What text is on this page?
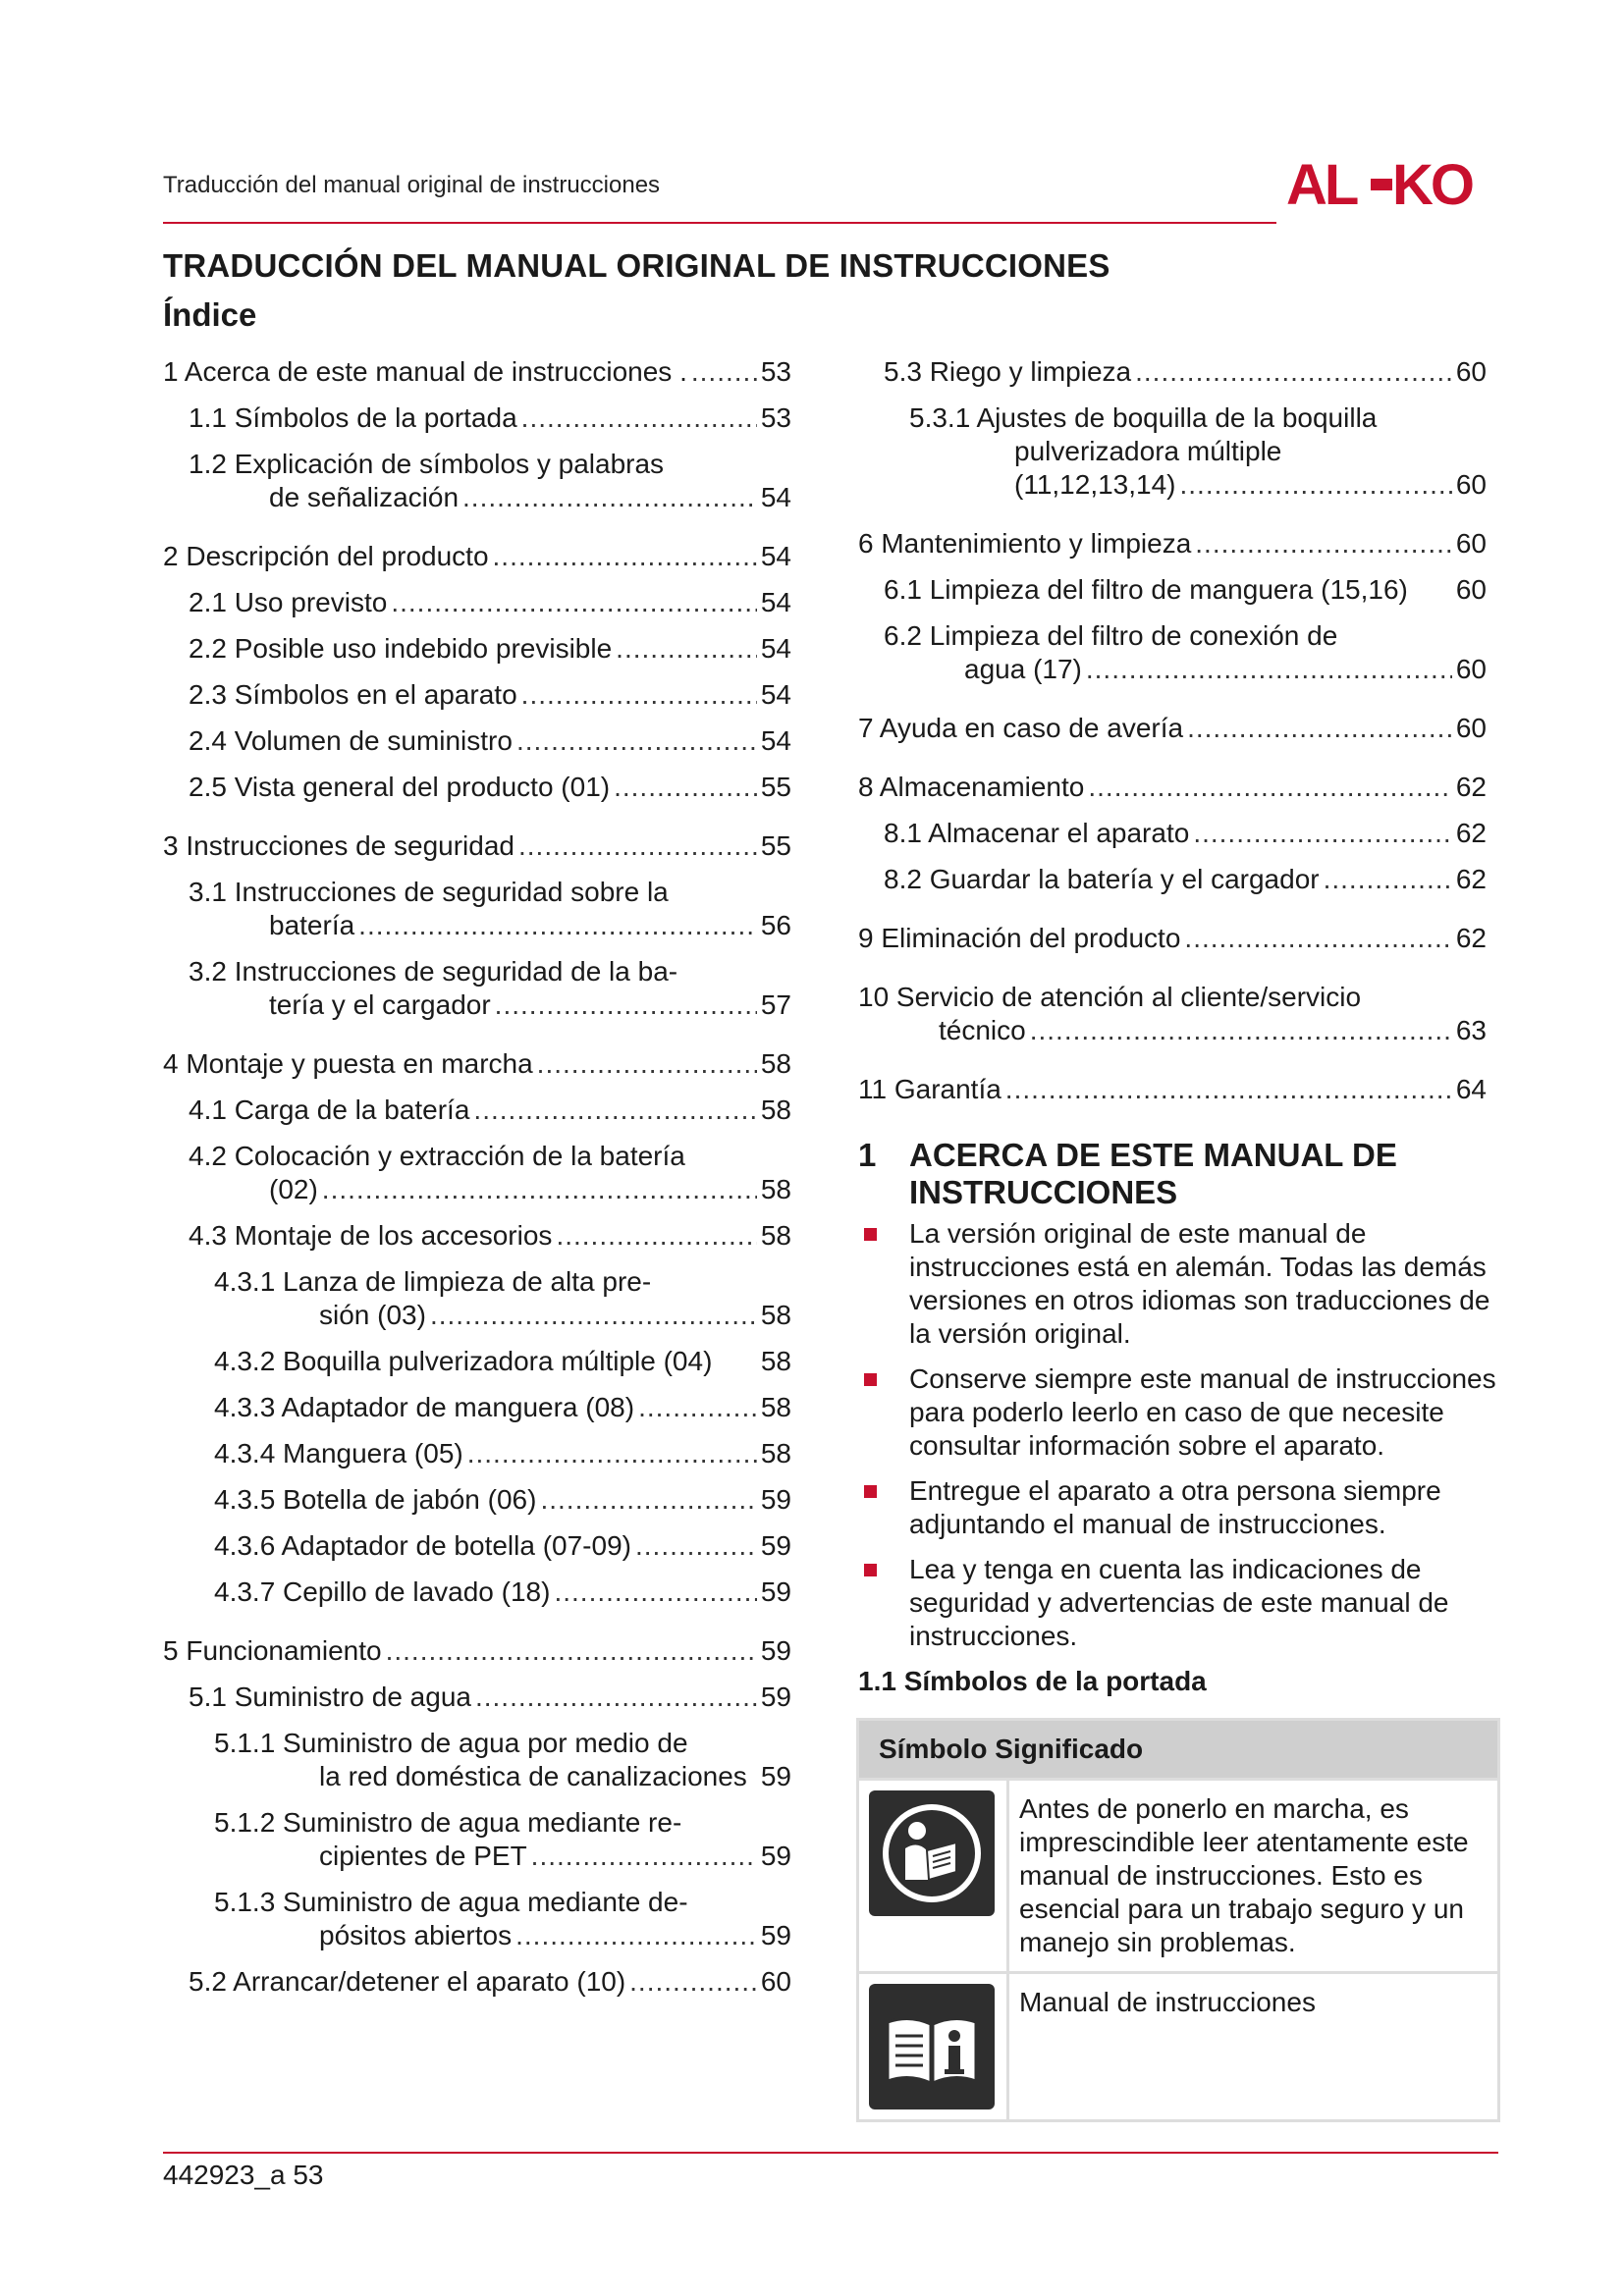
Traducción del manual original de instrucciones	AL KO
TRADUCCIÓN DEL MANUAL ORIGINAL DE INSTRUCCIONES
Índice
1 Acerca de este manual de instrucciones . .....	53
1.1 Símbolos de la portada .....	53
1.2 Explicación de símbolos y palabras
de señalización .....	54
2 Descripción del producto .....	54
2.1 Uso previsto .....	54
2.2 Posible uso indebido previsible .....	54
2.3 Símbolos en el aparato .....	54
2.4 Volumen de suministro .....	54
2.5 Vista general del producto (01) .....	55
3 Instrucciones de seguridad .....	55
3.1 Instrucciones de seguridad sobre la
batería .....	56
3.2 Instrucciones de seguridad de la ba-
tería y el cargador .....	57
4 Montaje y puesta en marcha .....	58
4.1 Carga de la batería .....	58
4.2 Colocación y extracción de la batería
(02) .....	58
4.3 Montaje de los accesorios .....	58
4.3.1 Lanza de limpieza de alta pre-
sión (03) .....	58
4.3.2 Boquilla pulverizadora múltiple (04) 58
4.3.3 Adaptador de manguera (08) .....	58
4.3.4 Manguera (05) .....	58
4.3.5 Botella de jabón (06) .....	59
4.3.6 Adaptador de botella (07-09) .....	59
4.3.7 Cepillo de lavado (18) .....	59
5 Funcionamiento .....	59
5.1 Suministro de agua .....	59
5.1.1 Suministro de agua por medio de
la red doméstica de canalizaciones 59
5.1.2 Suministro de agua mediante re-
cipientes de PET .....	59
5.1.3 Suministro de agua mediante de-
pósitos abiertos .....	59
5.2 Arrancar/detener el aparato (10) .....	60
5.3 Riego y limpieza .....	60
5.3.1 Ajustes de boquilla de la boquilla
pulverizadora múltiple
(11,12,13,14) .....	60
6 Mantenimiento y limpieza .....	60
6.1 Limpieza del filtro de manguera (15,16) 60
6.2 Limpieza del filtro de conexión de
agua (17) .....	60
7 Ayuda en caso de avería .....	60
8 Almacenamiento .....	62
8.1 Almacenar el aparato .....	62
8.2 Guardar la batería y el cargador .....	62
9 Eliminación del producto .....	62
10 Servicio de atención al cliente/servicio
técnico .....	63
11 Garantía .....	64
1	ACERCA DE ESTE MANUAL DE INSTRUCCIONES
La versión original de este manual de instrucciones está en alemán. Todas las demás versiones en otros idiomas son traducciones de la versión original.
Conserve siempre este manual de instrucciones para poderlo leerlo en caso de que necesite consultar información sobre el aparato.
Entregue el aparato a otra persona siempre adjuntando el manual de instrucciones.
Lea y tenga en cuenta las indicaciones de seguridad y advertencias de este manual de instrucciones.
1.1 Símbolos de la portada
Símbolo Significado	

	Antes de ponerlo en marcha, es imprescindible leer atentamente este manual de instrucciones. Esto es esencial para un trabajo seguro y un manejo sin problemas.

	Manual de instrucciones
442923_a 53
